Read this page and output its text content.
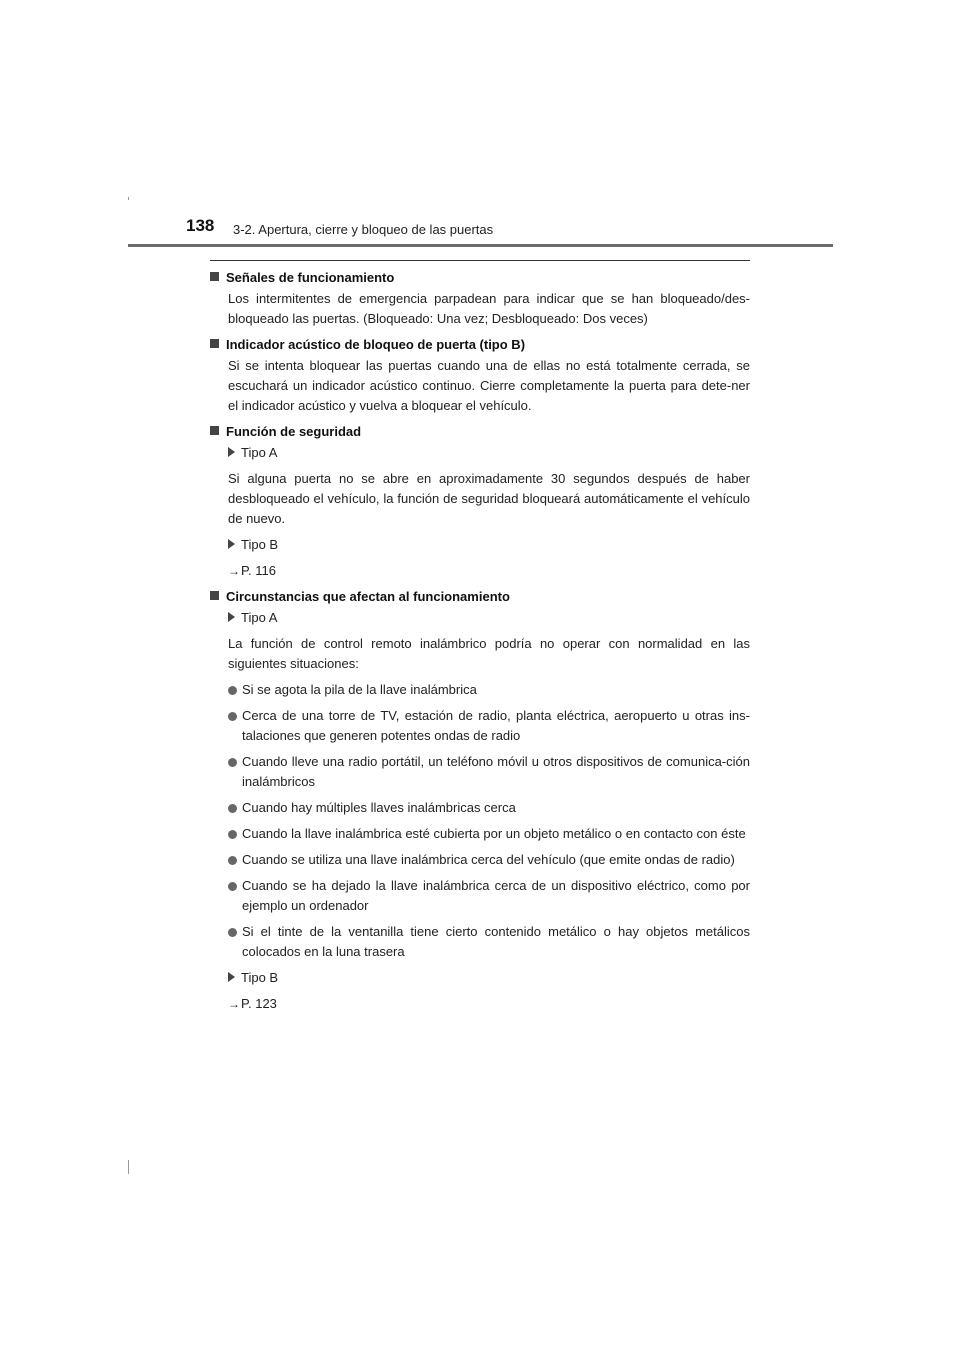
138 3-2. Apertura, cierre y bloqueo de las puertas
Señales de funcionamiento
Los intermitentes de emergencia parpadean para indicar que se han bloqueado/des-bloqueado las puertas. (Bloqueado: Una vez; Desbloqueado: Dos veces)
Indicador acústico de bloqueo de puerta (tipo B)
Si se intenta bloquear las puertas cuando una de ellas no está totalmente cerrada, se escuchará un indicador acústico continuo. Cierre completamente la puerta para dete-ner el indicador acústico y vuelva a bloquear el vehículo.
Función de seguridad
Tipo A
Si alguna puerta no se abre en aproximadamente 30 segundos después de haber desbloqueado el vehículo, la función de seguridad bloqueará automáticamente el vehículo de nuevo.
Tipo B
→ P. 116
Circunstancias que afectan al funcionamiento
Tipo A
La función de control remoto inalámbrico podría no operar con normalidad en las siguientes situaciones:
Si se agota la pila de la llave inalámbrica
Cerca de una torre de TV, estación de radio, planta eléctrica, aeropuerto u otras ins-talaciones que generen potentes ondas de radio
Cuando lleve una radio portátil, un teléfono móvil u otros dispositivos de comunica-ción inalámbricos
Cuando hay múltiples llaves inalámbricas cerca
Cuando la llave inalámbrica esté cubierta por un objeto metálico o en contacto con éste
Cuando se utiliza una llave inalámbrica cerca del vehículo (que emite ondas de radio)
Cuando se ha dejado la llave inalámbrica cerca de un dispositivo eléctrico, como por ejemplo un ordenador
Si el tinte de la ventanilla tiene cierto contenido metálico o hay objetos metálicos colocados en la luna trasera
Tipo B
→ P. 123
